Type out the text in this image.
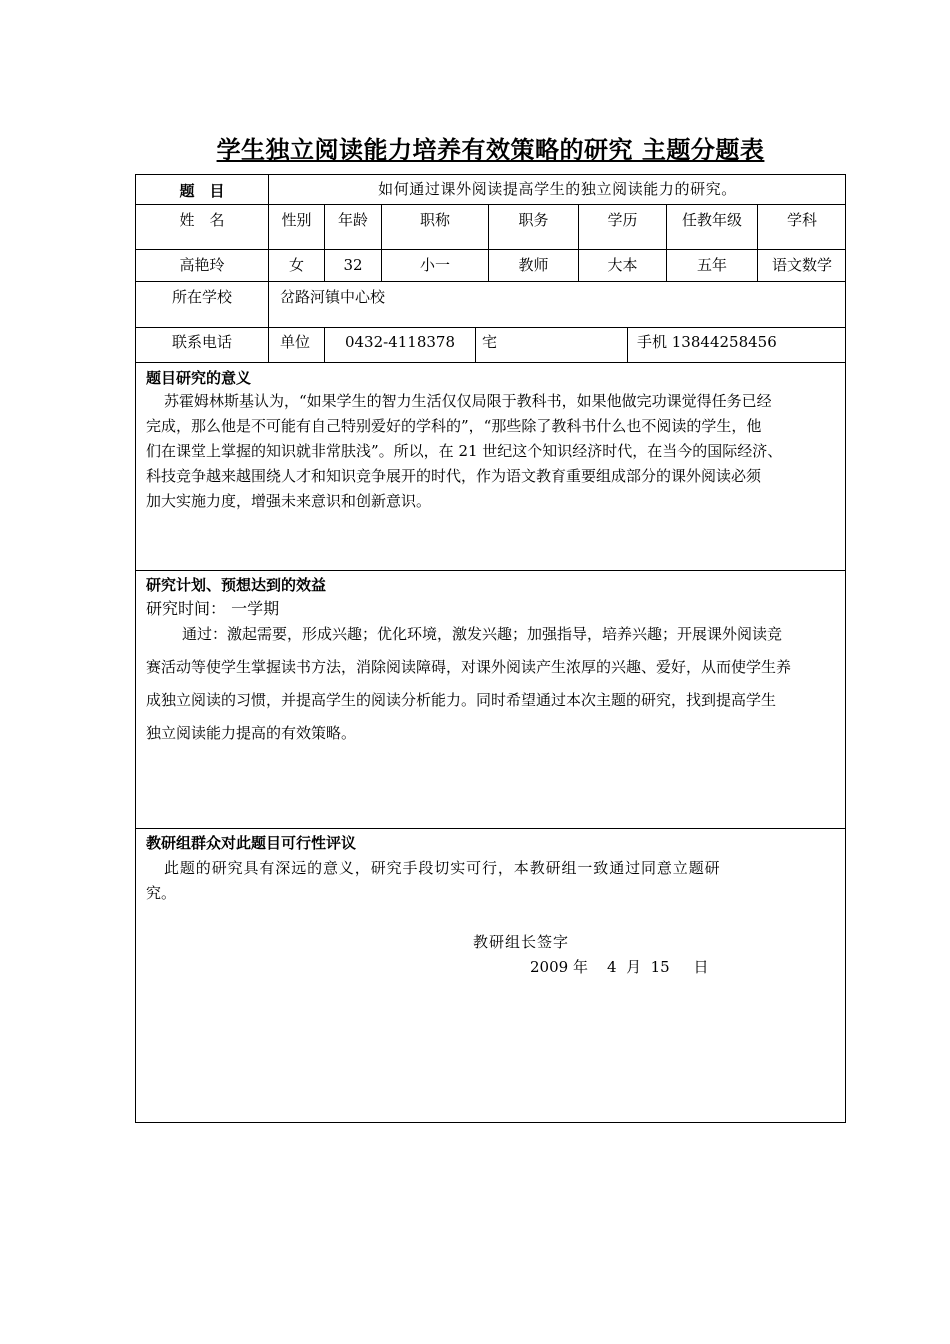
学生独立阅读能力培养有效策略的研究 主题分题表
题　目	如何通过课外阅读提高学生的独立阅读能力的研究。
姓　名	性别	年龄	职称	职务	学历	任教年级	学科
高艳玲	女	32	小一	教师	大本	五年	语文数学
所在学校	岔路河镇中心校
联系电话	单位	0432-4118378	宅	手机 13844258456
题目研究的意义
苏霍姆林斯基认为，“如果学生的智力生活仅仅局限于教科书，如果他做完功课觉得任务已经
完成，那么他是不可能有自己特别爱好的学科的”，“那些除了教科书什么也不阅读的学生，他
们在课堂上掌握的知识就非常肤浅”。所以，在 21 世纪这个知识经济时代，在当今的国际经济、
科技竞争越来越围绕人才和知识竞争展开的时代，作为语文教育重要组成部分的课外阅读必须
加大实施力度，增强未来意识和创新意识。
研究计划、预想达到的效益
研究时间： 一学期
通过：激起需要，形成兴趣；优化环境，激发兴趣；加强指导，培养兴趣；开展课外阅读竞
赛活动等使学生掌握读书方法，消除阅读障碍，对课外阅读产生浓厚的兴趣、爱好，从而使学生养
成独立阅读的习惯，并提高学生的阅读分析能力。同时希望通过本次主题的研究，找到提高学生
独立阅读能力提高的有效策略。
教研组群众对此题目可行性评议
此题的研究具有深远的意义，研究手段切实可行，本教研组一致通过同意立题研
究。
教研组长签字
2009 年    4  月  15     日
